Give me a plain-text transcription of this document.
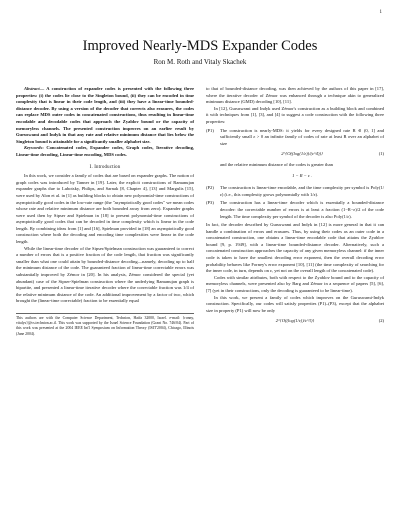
1
Improved Nearly-MDS Expander Codes
Ron M. Roth and Vitaly Skachek

Abstract— A construction of expander codes is presented with the following three properties: (i) the codes lie close to the Singleton bound, (ii) they can be encoded in time complexity that is linear in their code length, and (iii) they have a linear-time bounded-distance decoder. By using a version of the decoder that corrects also erasures, the codes can replace MDS outer codes in concatenated constructions, thus resulting in linear-time encodable and decodable codes that approach the Zyablov bound or the capacity of memoryless channels. The presented construction improves on an earlier result by Guruswami and Indyk in that any rate and relative minimum distance that lies below the Singleton bound is attainable for a significantly smaller alphabet size.

Keywords: Concatenated codes, Expander codes, Graph codes, Iterative decoding, Linear-time decoding, Linear-time encoding, MDS codes.

I. Introduction

In this work, we consider a family of codes that are based on expander graphs. The notion of graph codes was introduced by Tanner in [19]. Later, the explicit constructions of Ramanujan expander graphs due to Lubotsky, Philips, and Sarnak [8, Chapter 4], [13] and Margulis [15], were used by Alon et al. in [1] as building blocks to obtain new polynomial-time constructions of asymptotically good codes in the low-rate range (the "asymptotically good codes" we mean codes whose rate and relative minimum distance are both bounded away from zero). Expander graphs were used then by Sipser and Spielman in [18] to present polynomial-time constructions of asymptotically good codes that can be decoded in time complexity which is linear in the code length. By combining ideas from [1] and [16], Spielman provided in [18] an asymptotically good construction where both the decoding and encoding time complexities were linear in the code length.

While the linear-time decoder of the Sipser/Spielman construction was guaranteed to correct a number of errors that is a positive fraction of the code length, that fraction was significantly smaller than what one could attain by bounded-distance decoding—namely, decoding up to half the minimum distance of the code. The guaranteed fraction of linear-time correctable errors was substantially improved by Zémor in [20]. In his analysis, Zémor considered the special (yet abundant) case of the Sipser-Spielman construction where the underlying Ramanujan graph is bipartite, and presented a linear-time iterative decoder where the correctable fraction was 1/4 of the relative minimum distance of the code. An additional improvement by a factor of two, which brought the (linear-time correctable) fraction to be essentially equal

This authors are with the Computer Science Department, Technion, Haifa 32000, Israel. e-mail: {ronny, vitalys}@cs.technion.ac.il. This work was supported by the Israel Science Foundation (Grant No. 746/04). Part of this work was presented at the 2004 IEEE Int'l Symposium on Information Theory (ISIT'2004), Chicago, Illinois (June 2004).

to that of bounded-distance decoding, was then achieved by the authors of this paper in [17], where the iterative decoder of Zémor was enhanced through a technique akin to generalized minimum distance (GMD) decoding [10], [11].

In [12], Guruswami and Indyk used Zémor's construction as a building block and combined it with techniques from [1], [3], and [4] to suggest a code construction with the following three properties:

(P1)	The construction is nearly-MDS: it yields for every designed rate R ∈ (0, 1] and sufficiently small ε > 0 an infinite family of codes of rate at least R over an alphabet of size
2^{O((log(1/ε))/(ε^4))}	(1)
and the relative minimum distance of the codes is greater than
1 − R − ε .
(P2)	The construction is linear-time encodable, and the time complexity per symbol is Poly(1/ε) (i.e., this complexity grows polynomially with 1/ε).
(P3)	The construction has a linear-time decoder which is essentially a bounded-distance decoder: the correctable number of errors is at least a fraction (1−R−ε)/2 of the code length. The time complexity per symbol of the decoder is also Poly(1/ε).

In fact, the decoder described by Guruswami and Indyk in [12] is more general in that it can handle a combination of errors and erasures. Thus, by using their codes as an outer code in a concatenated construction, one obtains a linear-time encodable code that attains the Zyablov bound [9, p. 1949], with a linear-time bounded-distance decoder. Alternatively, such a concatenated construction approaches the capacity of any given memoryless channel: if the inner code is taken to have the smallest decoding error exponent, then the overall decoding error probability behaves like Forney's error exponent [10], [11] (the time complexity of searching for the inner code, in turn, depends on ε, yet not on the overall length of the concatenated code).

Codes with similar attributes, both with respect to the Zyablov bound and to the capacity of memoryless channels, were presented also by Barg and Zémor in a sequence of papers [5], [6], [7] (yet in their constructions, only the decoding is guaranteed to be linear-time).

In this work, we present a family of codes which improves on the Guruswami-Indyk construction. Specifically, our codes will satisfy properties (P1)–(P3), except that the alphabet size in property (P1) will now be only

2^{O((log(1/ε))/ε^3)}	(2)
